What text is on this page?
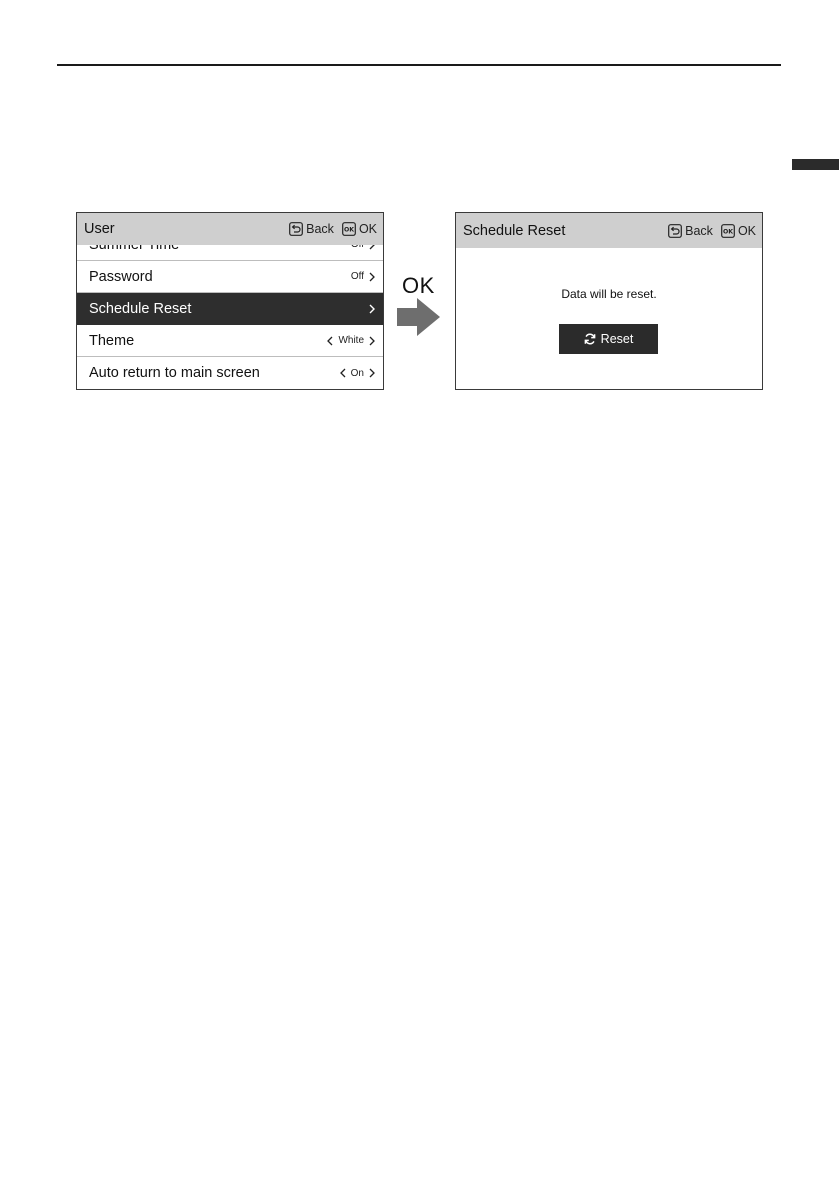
User	Back OK OK
Password	Off
Schedule Reset
Theme	White
Auto return to main screen	On
OK
Schedule Reset	Back OK OK
Data will be reset.
Reset
